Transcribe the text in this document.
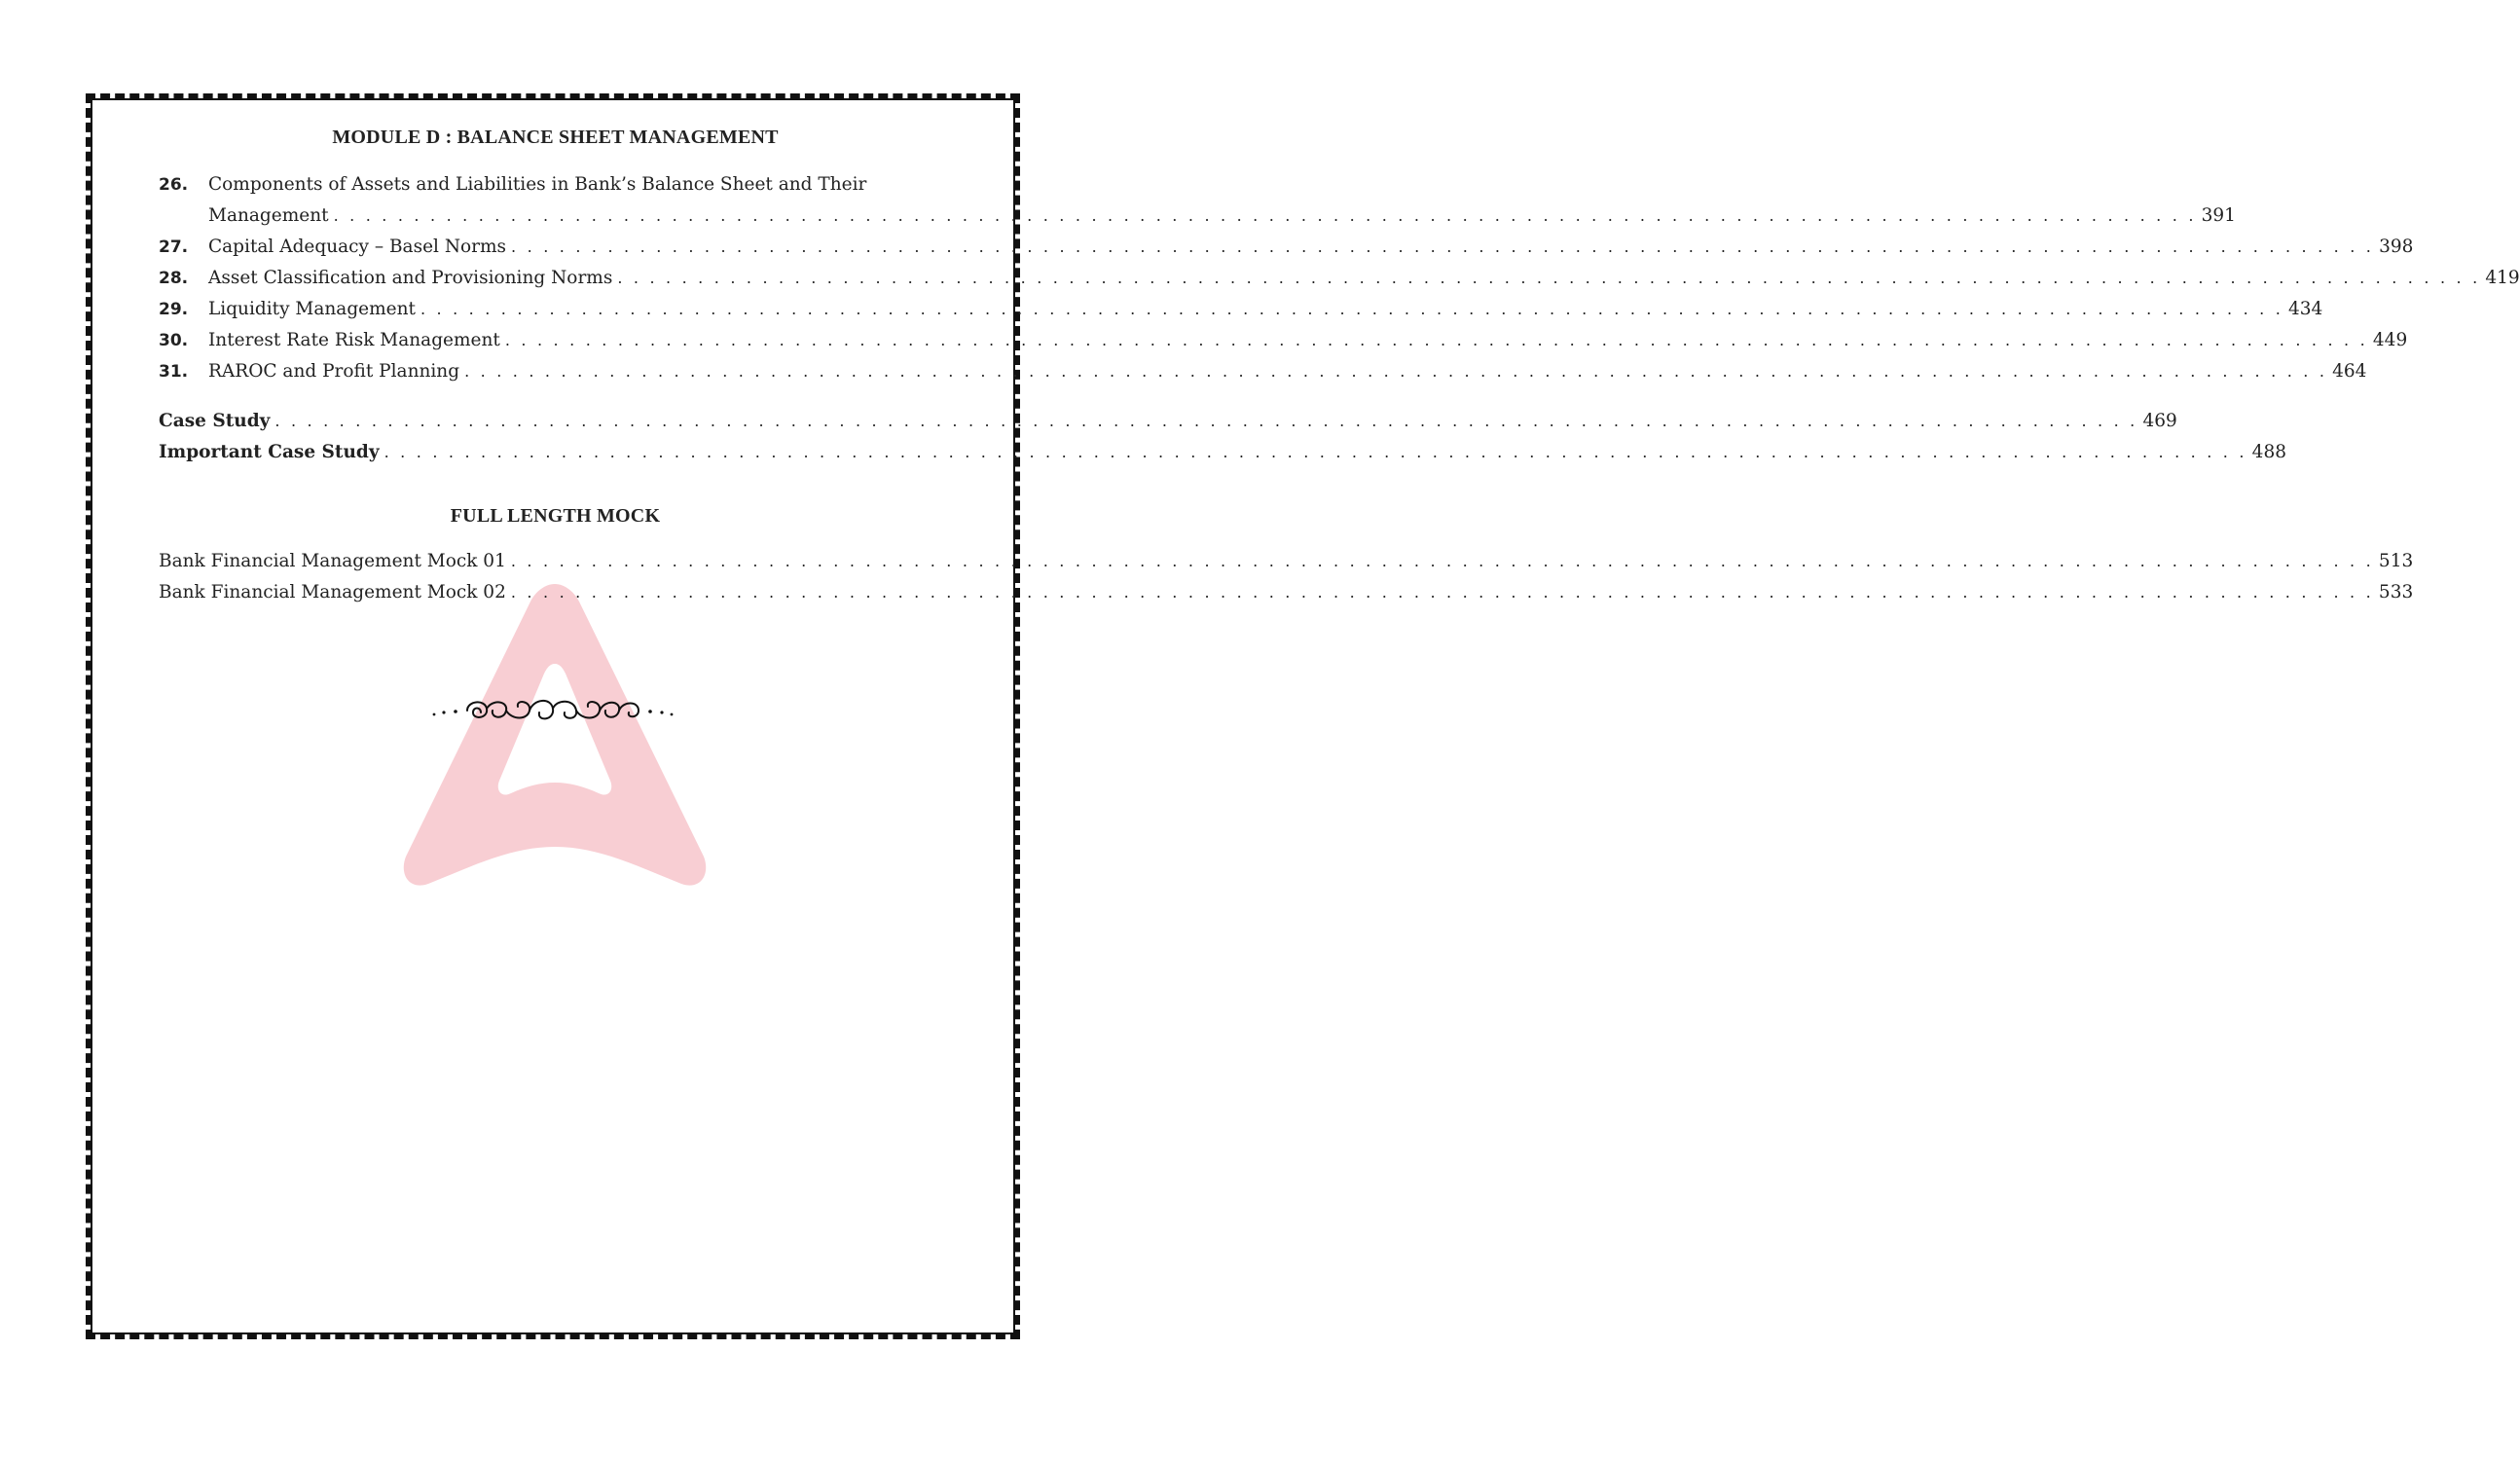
MODULE D : BALANCE SHEET MANAGEMENT
26.	Components of Assets and Liabilities in Bank’s Balance Sheet and Their
Management . . . . . . . . . . . . . . . . . . . . . . . . . . . . . . . . . . . . . . . . . . . . . . . . . . . . . . . . . . . . . . . . . . . . . . . . . . . . . . . . . . . . . . . . . . . . . . . . . . . . . . . . . . . . . . . . . . . . 391
27.	Capital Adequacy – Basel Norms . . . . . . . . . . . . . . . . . . . . . . . . . . . . . . . . . . . . . . . . . . . . . . . . . . . . . . . . . . . . . . . . . . . . . . . . . . . . . . . . . . . . . . . . . . . . . . . . . . . . . . . . . . . . . . . . . . . . 398
28.	Asset Classification and Provisioning Norms . . . . . . . . . . . . . . . . . . . . . . . . . . . . . . . . . . . . . . . . . . . . . . . . . . . . . . . . . . . . . . . . . . . . . . . . . . . . . . . . . . . . . . . . . . . . . . . . . . . . . . . . . . . . . . . . . . . . 419
29.	Liquidity Management . . . . . . . . . . . . . . . . . . . . . . . . . . . . . . . . . . . . . . . . . . . . . . . . . . . . . . . . . . . . . . . . . . . . . . . . . . . . . . . . . . . . . . . . . . . . . . . . . . . . . . . . . . . . . . . . . . . . 434
30.	Interest Rate Risk Management . . . . . . . . . . . . . . . . . . . . . . . . . . . . . . . . . . . . . . . . . . . . . . . . . . . . . . . . . . . . . . . . . . . . . . . . . . . . . . . . . . . . . . . . . . . . . . . . . . . . . . . . . . . . . . . . . . . . 449
31.	RAROC and Profit Planning . . . . . . . . . . . . . . . . . . . . . . . . . . . . . . . . . . . . . . . . . . . . . . . . . . . . . . . . . . . . . . . . . . . . . . . . . . . . . . . . . . . . . . . . . . . . . . . . . . . . . . . . . . . . . . . . . . . . 464
Case Study . . . . . . . . . . . . . . . . . . . . . . . . . . . . . . . . . . . . . . . . . . . . . . . . . . . . . . . . . . . . . . . . . . . . . . . . . . . . . . . . . . . . . . . . . . . . . . . . . . . . . . . . . . . . . . . . . . . . 469
Important Case Study . . . . . . . . . . . . . . . . . . . . . . . . . . . . . . . . . . . . . . . . . . . . . . . . . . . . . . . . . . . . . . . . . . . . . . . . . . . . . . . . . . . . . . . . . . . . . . . . . . . . . . . . . . . . . . . . . . . . 488
FULL LENGTH MOCK
Bank Financial Management Mock 01 . . . . . . . . . . . . . . . . . . . . . . . . . . . . . . . . . . . . . . . . . . . . . . . . . . . . . . . . . . . . . . . . . . . . . . . . . . . . . . . . . . . . . . . . . . . . . . . . . . . . . . . . . . . . . . . . . . . . 513
Bank Financial Management Mock 02 . . . . . . . . . . . . . . . . . . . . . . . . . . . . . . . . . . . . . . . . . . . . . . . . . . . . . . . . . . . . . . . . . . . . . . . . . . . . . . . . . . . . . . . . . . . . . . . . . . . . . . . . . . . . . . . . . . . . 533
